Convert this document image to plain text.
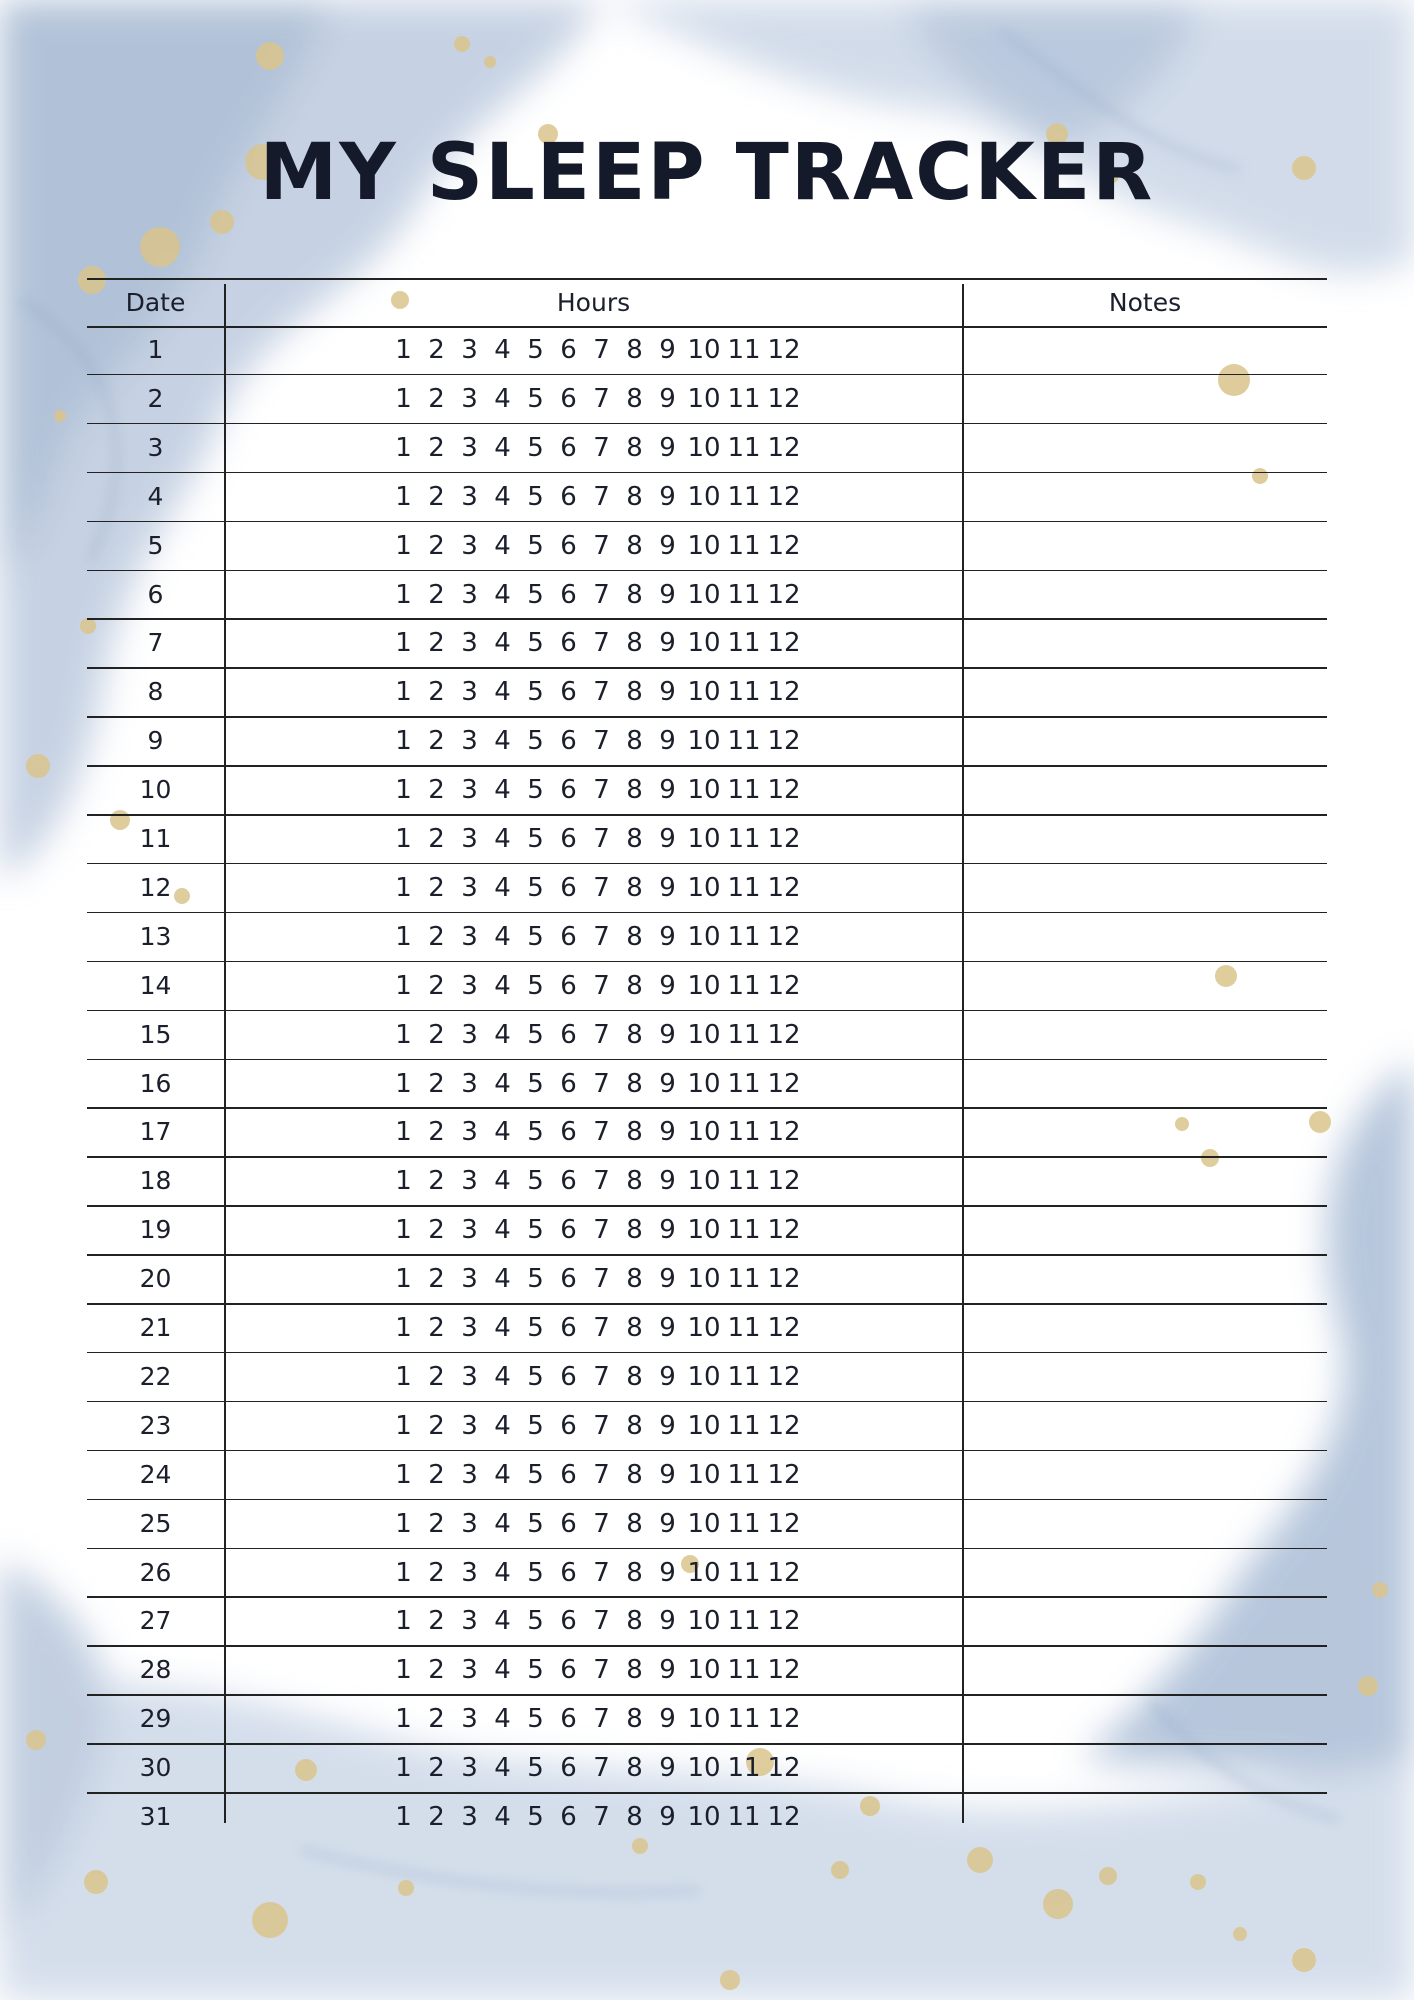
MY SLEEP TRACKER
Date	Hours	Notes
1	1 2 3 4 5 6 7 8 9 10 11 12
2	1 2 3 4 5 6 7 8 9 10 11 12
3	1 2 3 4 5 6 7 8 9 10 11 12
4	1 2 3 4 5 6 7 8 9 10 11 12
5	1 2 3 4 5 6 7 8 9 10 11 12
6	1 2 3 4 5 6 7 8 9 10 11 12
7	1 2 3 4 5 6 7 8 9 10 11 12
8	1 2 3 4 5 6 7 8 9 10 11 12
9	1 2 3 4 5 6 7 8 9 10 11 12
10	1 2 3 4 5 6 7 8 9 10 11 12
11	1 2 3 4 5 6 7 8 9 10 11 12
12	1 2 3 4 5 6 7 8 9 10 11 12
13	1 2 3 4 5 6 7 8 9 10 11 12
14	1 2 3 4 5 6 7 8 9 10 11 12
15	1 2 3 4 5 6 7 8 9 10 11 12
16	1 2 3 4 5 6 7 8 9 10 11 12
17	1 2 3 4 5 6 7 8 9 10 11 12
18	1 2 3 4 5 6 7 8 9 10 11 12
19	1 2 3 4 5 6 7 8 9 10 11 12
20	1 2 3 4 5 6 7 8 9 10 11 12
21	1 2 3 4 5 6 7 8 9 10 11 12
22	1 2 3 4 5 6 7 8 9 10 11 12
23	1 2 3 4 5 6 7 8 9 10 11 12
24	1 2 3 4 5 6 7 8 9 10 11 12
25	1 2 3 4 5 6 7 8 9 10 11 12
26	1 2 3 4 5 6 7 8 9 10 11 12
27	1 2 3 4 5 6 7 8 9 10 11 12
28	1 2 3 4 5 6 7 8 9 10 11 12
29	1 2 3 4 5 6 7 8 9 10 11 12
30	1 2 3 4 5 6 7 8 9 10 11 12
31	1 2 3 4 5 6 7 8 9 10 11 12
